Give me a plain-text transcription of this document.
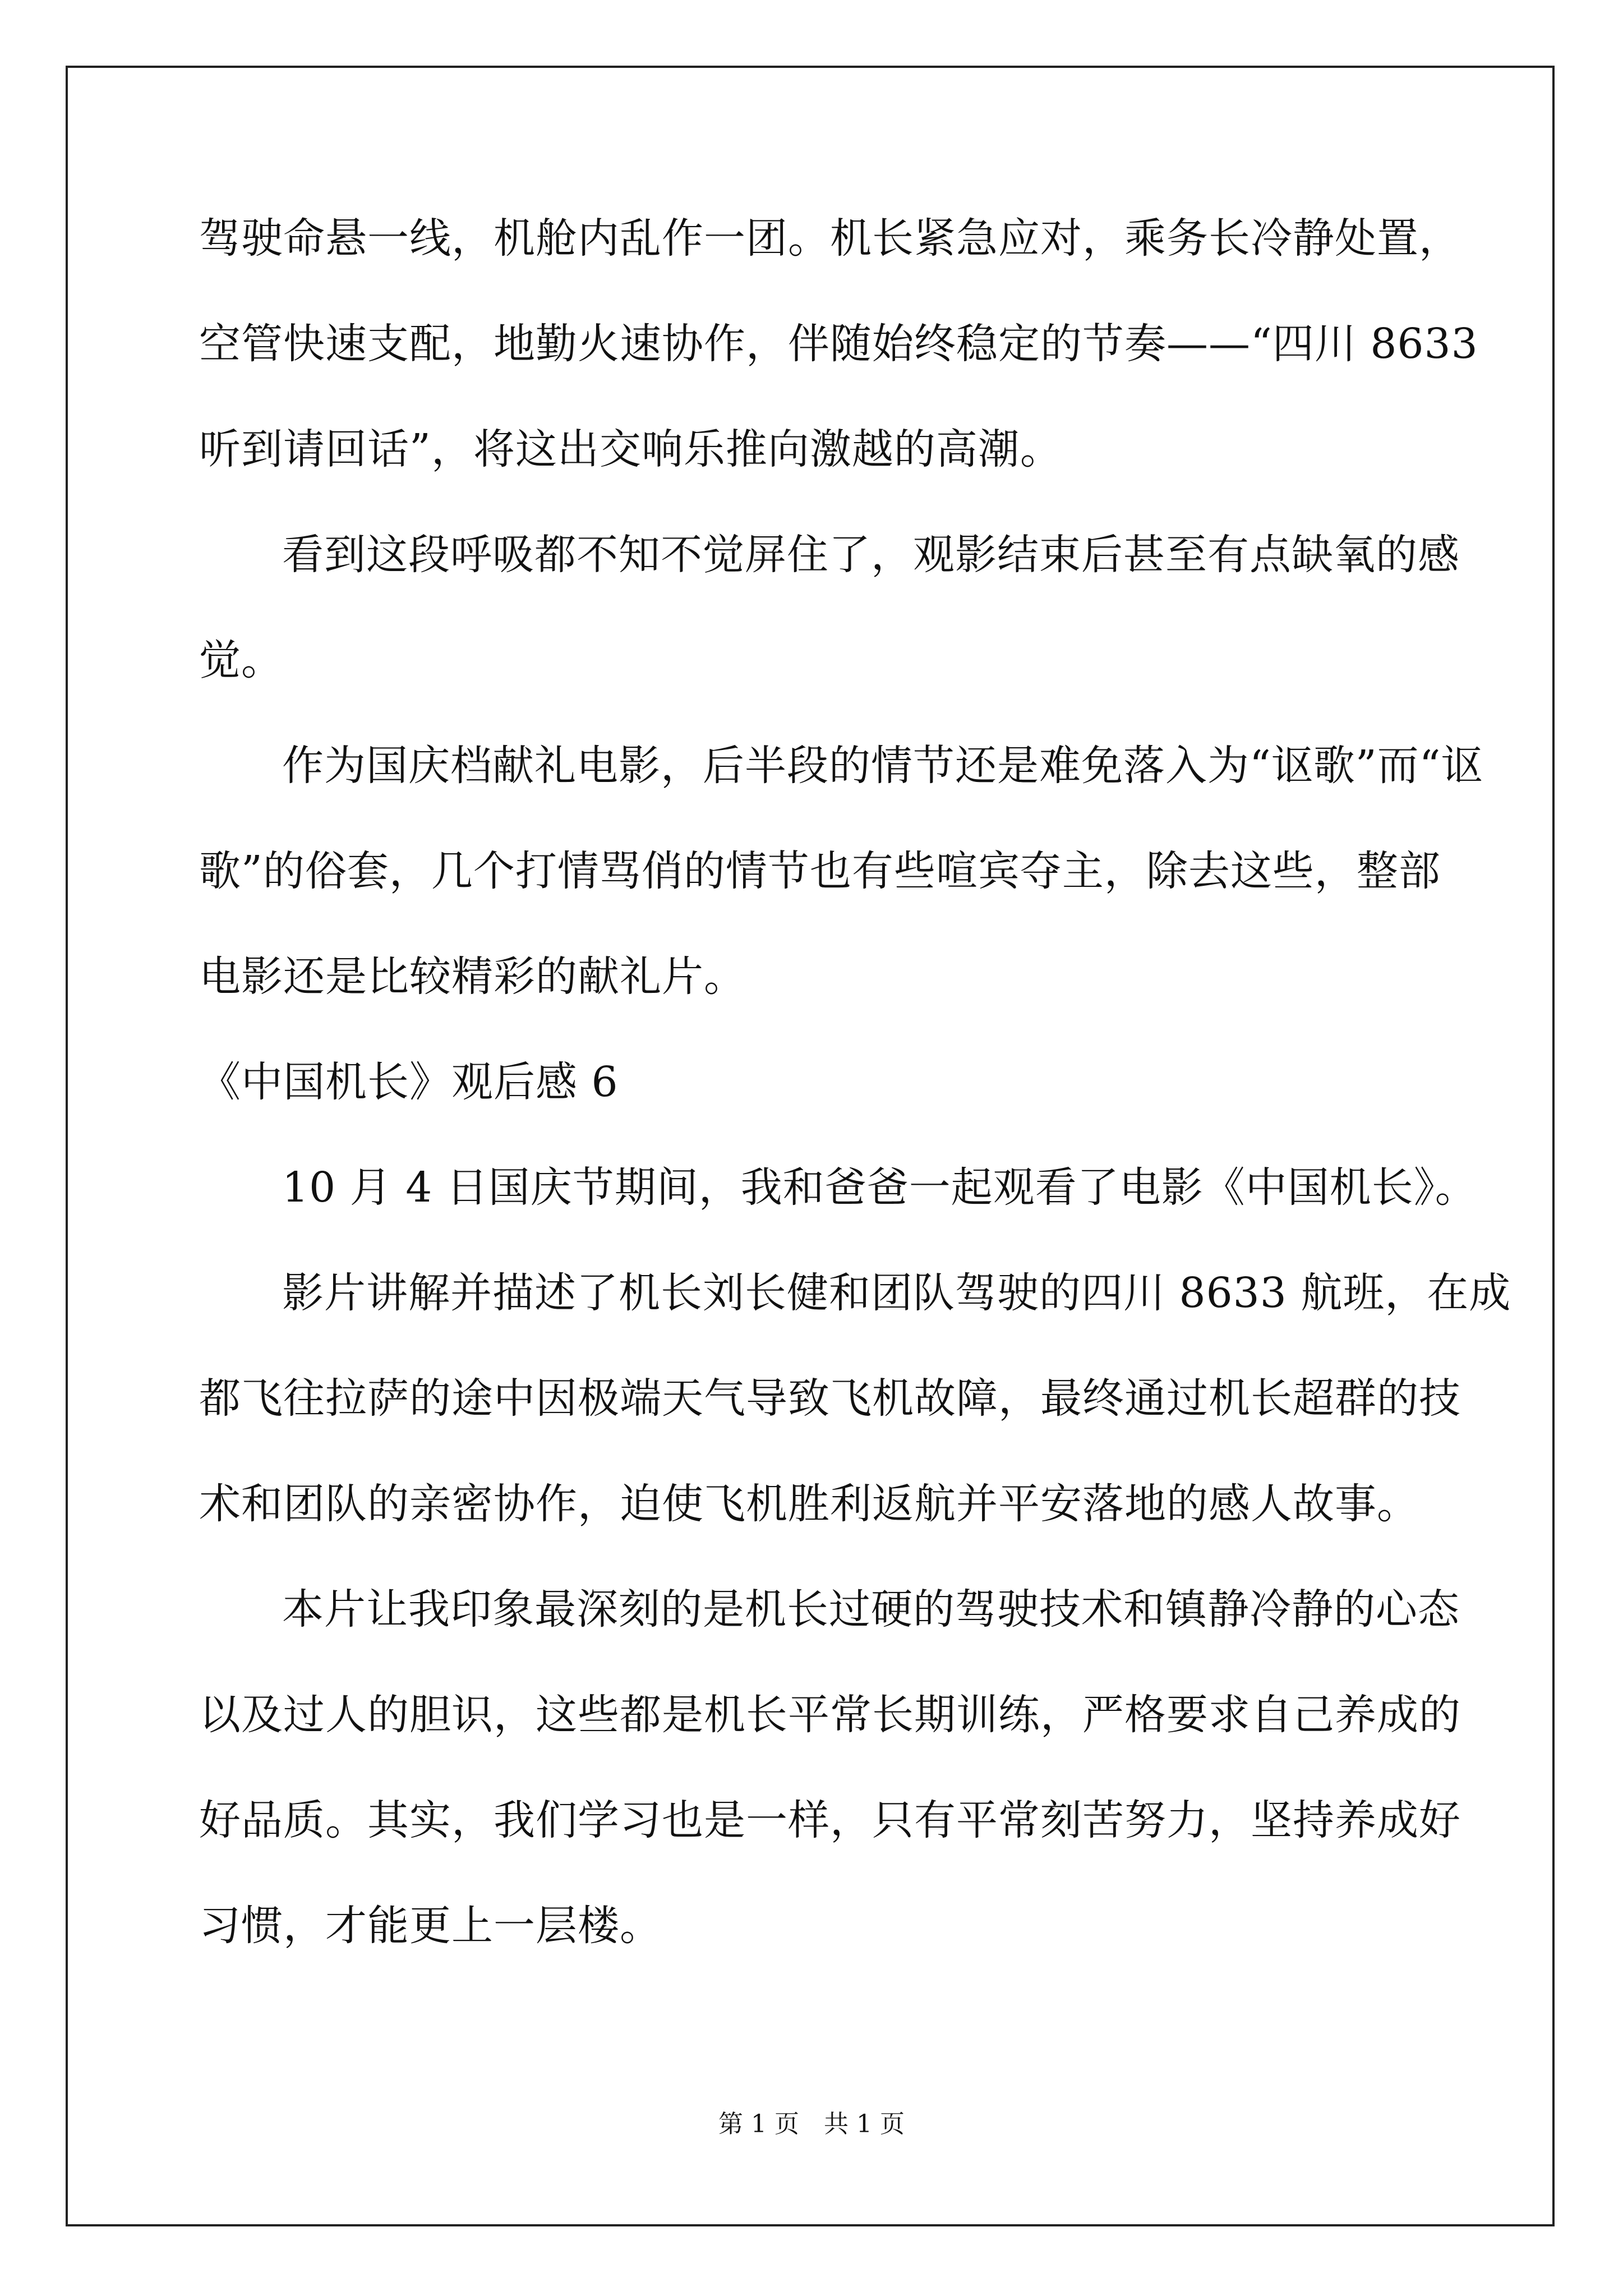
驾驶命悬一线，机舱内乱作一团。机长紧急应对，乘务长冷静处置，
空管快速支配，地勤火速协作，伴随始终稳定的节奏——“四川 8633
听到请回话”，将这出交响乐推向激越的高潮。
看到这段呼吸都不知不觉屏住了，观影结束后甚至有点缺氧的感
觉。
作为国庆档献礼电影，后半段的情节还是难免落入为“讴歌”而“讴
歌”的俗套，几个打情骂俏的情节也有些喧宾夺主，除去这些，整部
电影还是比较精彩的献礼片。
《中国机长》观后感 6
10 月 4 日国庆节期间，我和爸爸一起观看了电影《中国机长》。
影片讲解并描述了机长刘长健和团队驾驶的四川 8633 航班，在成
都飞往拉萨的途中因极端天气导致飞机故障，最终通过机长超群的技
术和团队的亲密协作，迫使飞机胜利返航并平安落地的感人故事。
本片让我印象最深刻的是机长过硬的驾驶技术和镇静冷静的心态
以及过人的胆识，这些都是机长平常长期训练，严格要求自己养成的
好品质。其实，我们学习也是一样，只有平常刻苦努力，坚持养成好
习惯，才能更上一层楼。
第 1 页　共 1 页
